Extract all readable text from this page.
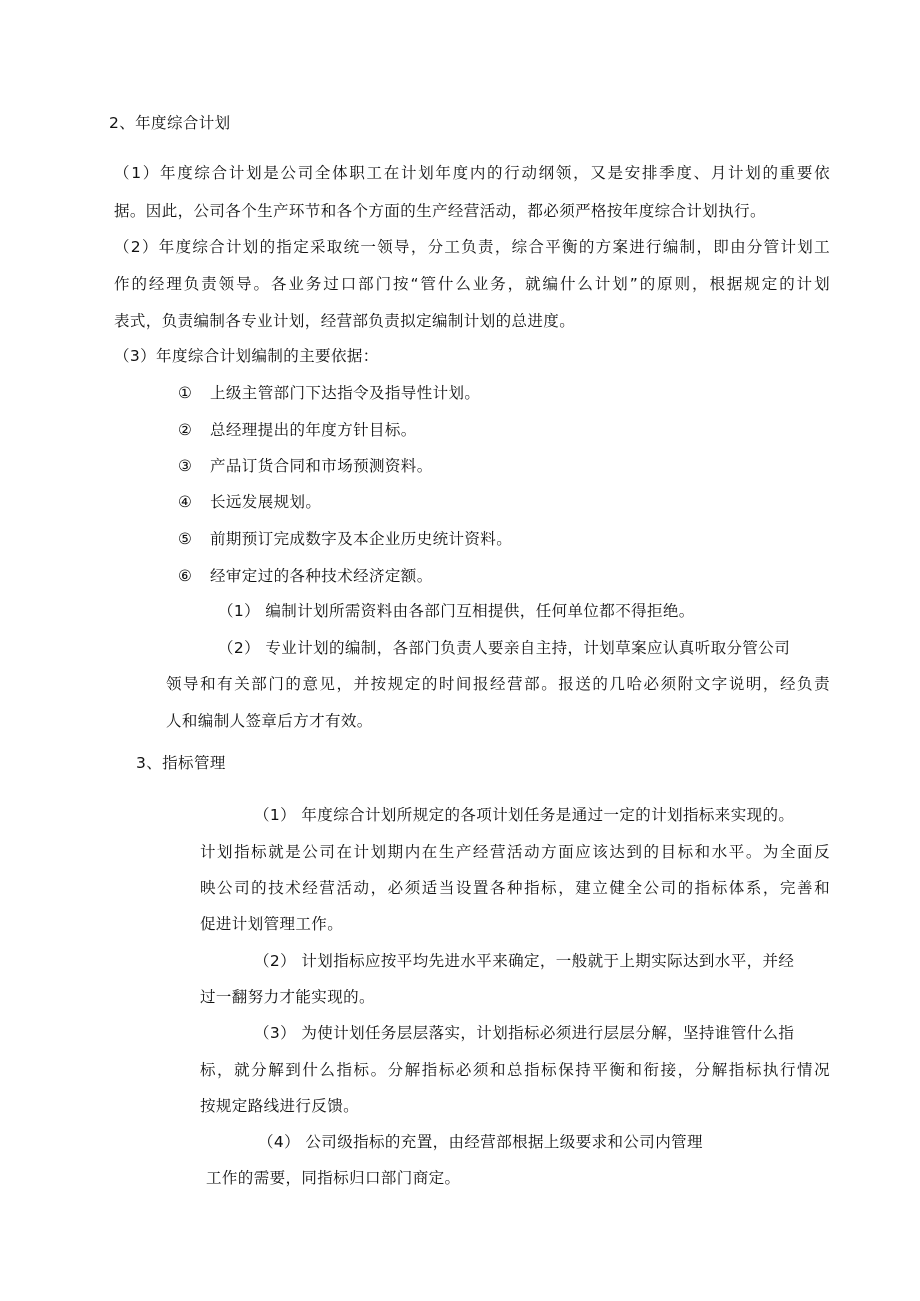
2、年度综合计划

（1）年度综合计划是公司全体职工在计划年度内的行动纲领，又是安排季度、月计划的重要依

据。因此，公司各个生产环节和各个方面的生产经营活动，都必须严格按年度综合计划执行。

（2）年度综合计划的指定采取统一领导，分工负责，综合平衡的方案进行编制，即由分管计划工

作的经理负责领导。各业务过口部门按“管什么业务，就编什么计划”的原则，根据规定的计划

表式，负责编制各专业计划，经营部负责拟定编制计划的总进度。

（3）年度综合计划编制的主要依据：

① 上级主管部门下达指令及指导性计划。
② 总经理提出的年度方针目标。
③ 产品订货合同和市场预测资料。
④ 长远发展规划。
⑤ 前期预订完成数字及本企业历史统计资料。
⑥ 经审定过的各种技术经济定额。

（1） 编制计划所需资料由各部门互相提供，任何单位都不得拒绝。

（2） 专业计划的编制，各部门负责人要亲自主持，计划草案应认真听取分管公司

领导和有关部门的意见，并按规定的时间报经营部。报送的几哈必须附文字说明，经负责

人和编制人签章后方才有效。

3、指标管理

（1） 年度综合计划所规定的各项计划任务是通过一定的计划指标来实现的。

计划指标就是公司在计划期内在生产经营活动方面应该达到的目标和水平。为全面反

映公司的技术经营活动，必须适当设置各种指标，建立健全公司的指标体系，完善和

促进计划管理工作。

（2） 计划指标应按平均先进水平来确定，一般就于上期实际达到水平，并经

过一翻努力才能实现的。

（3） 为使计划任务层层落实，计划指标必须进行层层分解，坚持谁管什么指

标，就分解到什么指标。分解指标必须和总指标保持平衡和衔接，分解指标执行情况

按规定路线进行反馈。

（4） 公司级指标的充置，由经营部根据上级要求和公司内管理

工作的需要，同指标归口部门商定。
